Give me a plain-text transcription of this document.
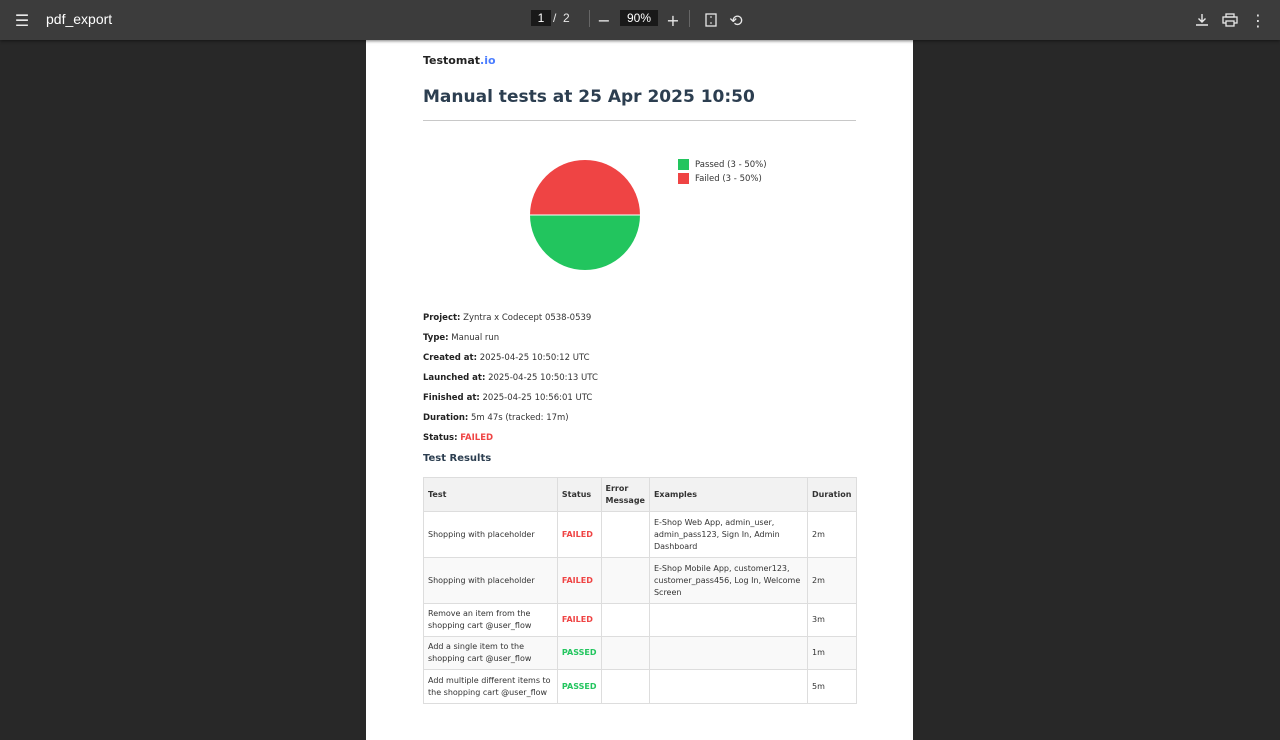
☰	pdf_export	1 / 2	−	90% +	⟲	⋮
Testomat.io
Manual tests at 25 Apr 2025 10:50
Passed (3 - 50%)
Failed (3 - 50%)
Project: Zyntra x Codecept 0538-0539
Type: Manual run
Created at: 2025-04-25 10:50:12 UTC
Launched at: 2025-04-25 10:50:13 UTC
Finished at: 2025-04-25 10:56:01 UTC
Duration: 5m 47s (tracked: 17m)
Status: FAILED
Test Results
Test	Status	Error Message	Examples	Duration
Shopping with placeholder	FAILED		E-Shop Web App, admin_user, admin_pass123, Sign In, Admin Dashboard	2m
Shopping with placeholder	FAILED		E-Shop Mobile App, customer123, customer_pass456, Log In, Welcome Screen	2m
Remove an item from the shopping cart @user_flow	FAILED			3m
Add a single item to the shopping cart @user_flow	PASSED			1m
Add multiple different items to the shopping cart @user_flow	PASSED			5m
